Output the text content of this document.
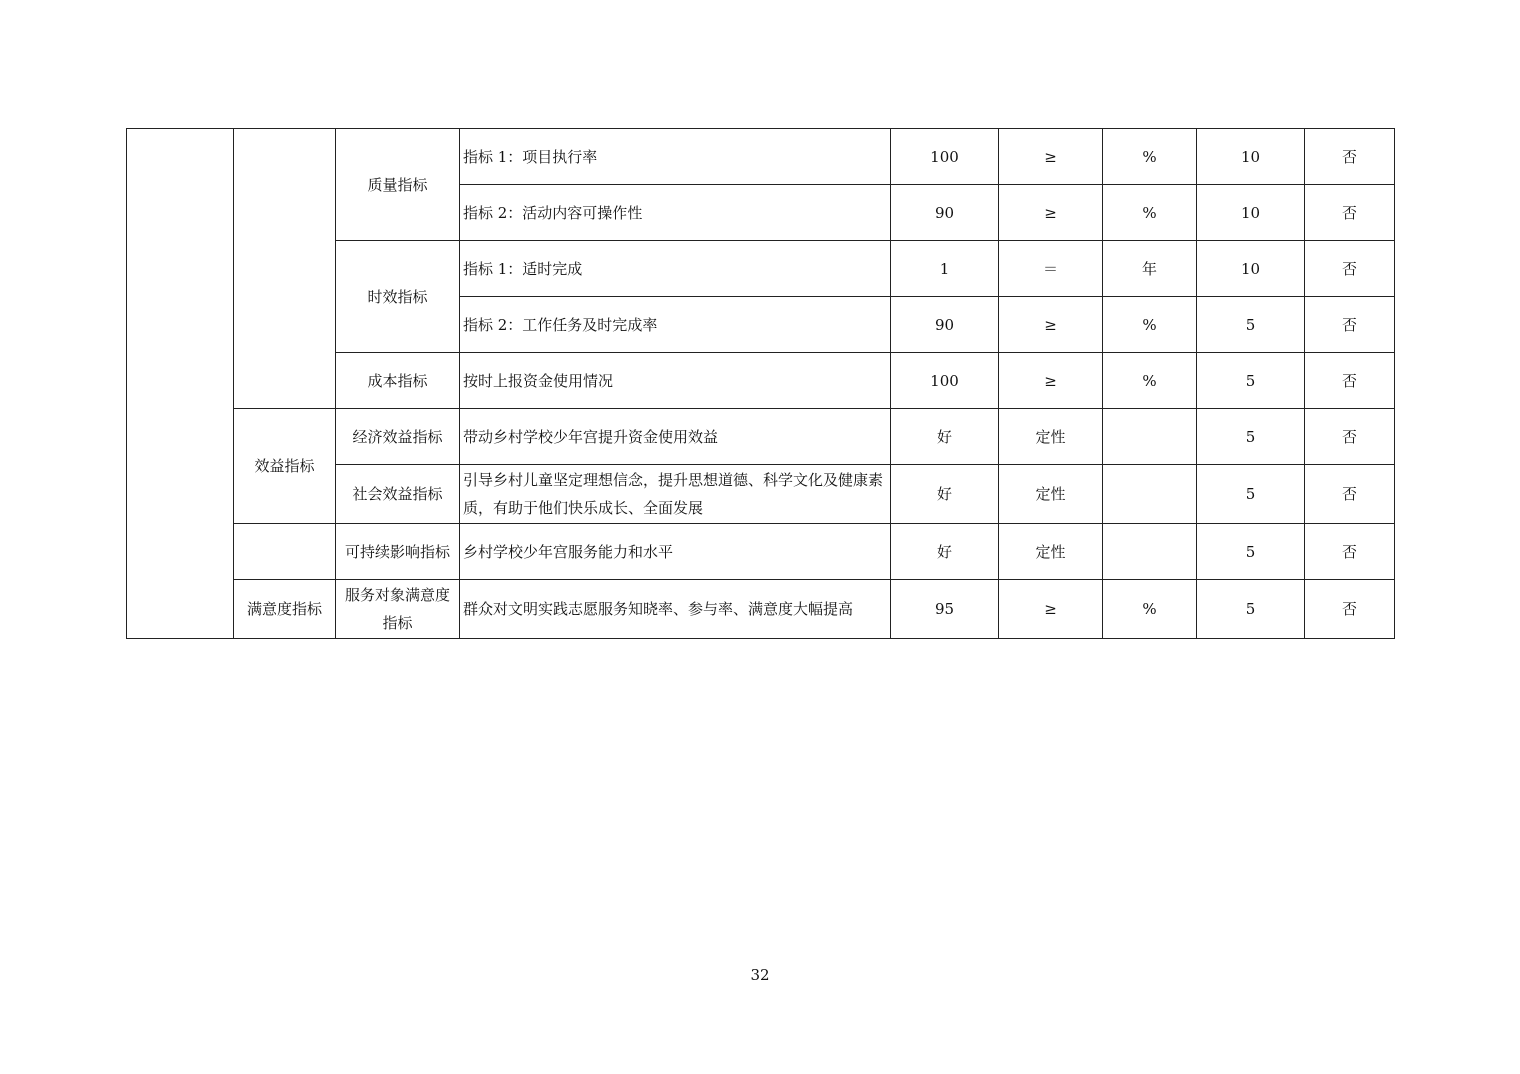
		质量指标	指标 1：项目执行率	100	≥	%	10	否
			指标 2：活动内容可操作性	90	≥	%	10	否
		时效指标	指标 1：适时完成	1	＝	年	10	否
			指标 2：工作任务及时完成率	90	≥	%	5	否
		成本指标	按时上报资金使用情况	100	≥	%	5	否
	效益指标	经济效益指标	带动乡村学校少年宫提升资金使用效益	好	定性		5	否
		社会效益指标	引导乡村儿童坚定理想信念，提升思想道德、科学文化及健康素质，有助于他们快乐成长、全面发展	好	定性		5	否
		可持续影响指标	乡村学校少年宫服务能力和水平	好	定性		5	否
	满意度指标	服务对象满意度指标	群众对文明实践志愿服务知晓率、参与率、满意度大幅提高	95	≥	%	5	否
32
